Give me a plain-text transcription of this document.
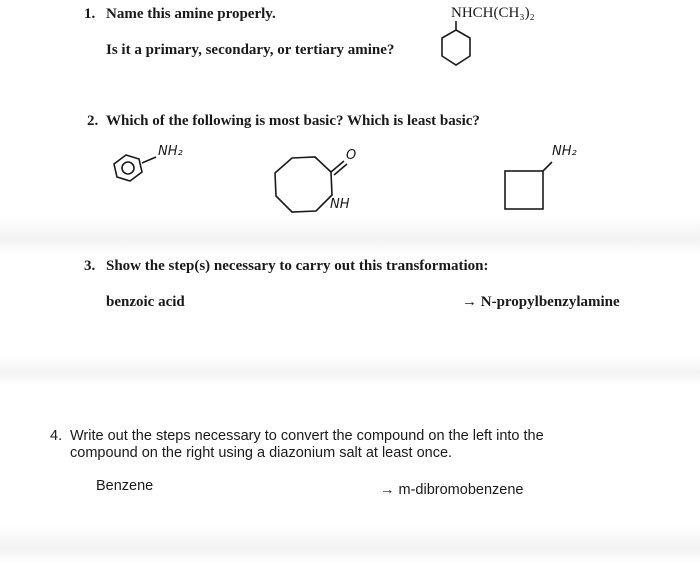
1. Name this amine properly.
Is it a primary, secondary, or tertiary amine?
NHCH(CH₃)₂
2. Which of the following is most basic? Which is least basic?
NH₂	O
NH
NH₂
3. Show the step(s) necessary to carry out this transformation:
benzoic acid	→ N-propylbenzylamine
4. Write out the steps necessary to convert the compound on the left into the
compound on the right using a diazonium salt at least once.
Benzene	→ m-dibromobenzene
